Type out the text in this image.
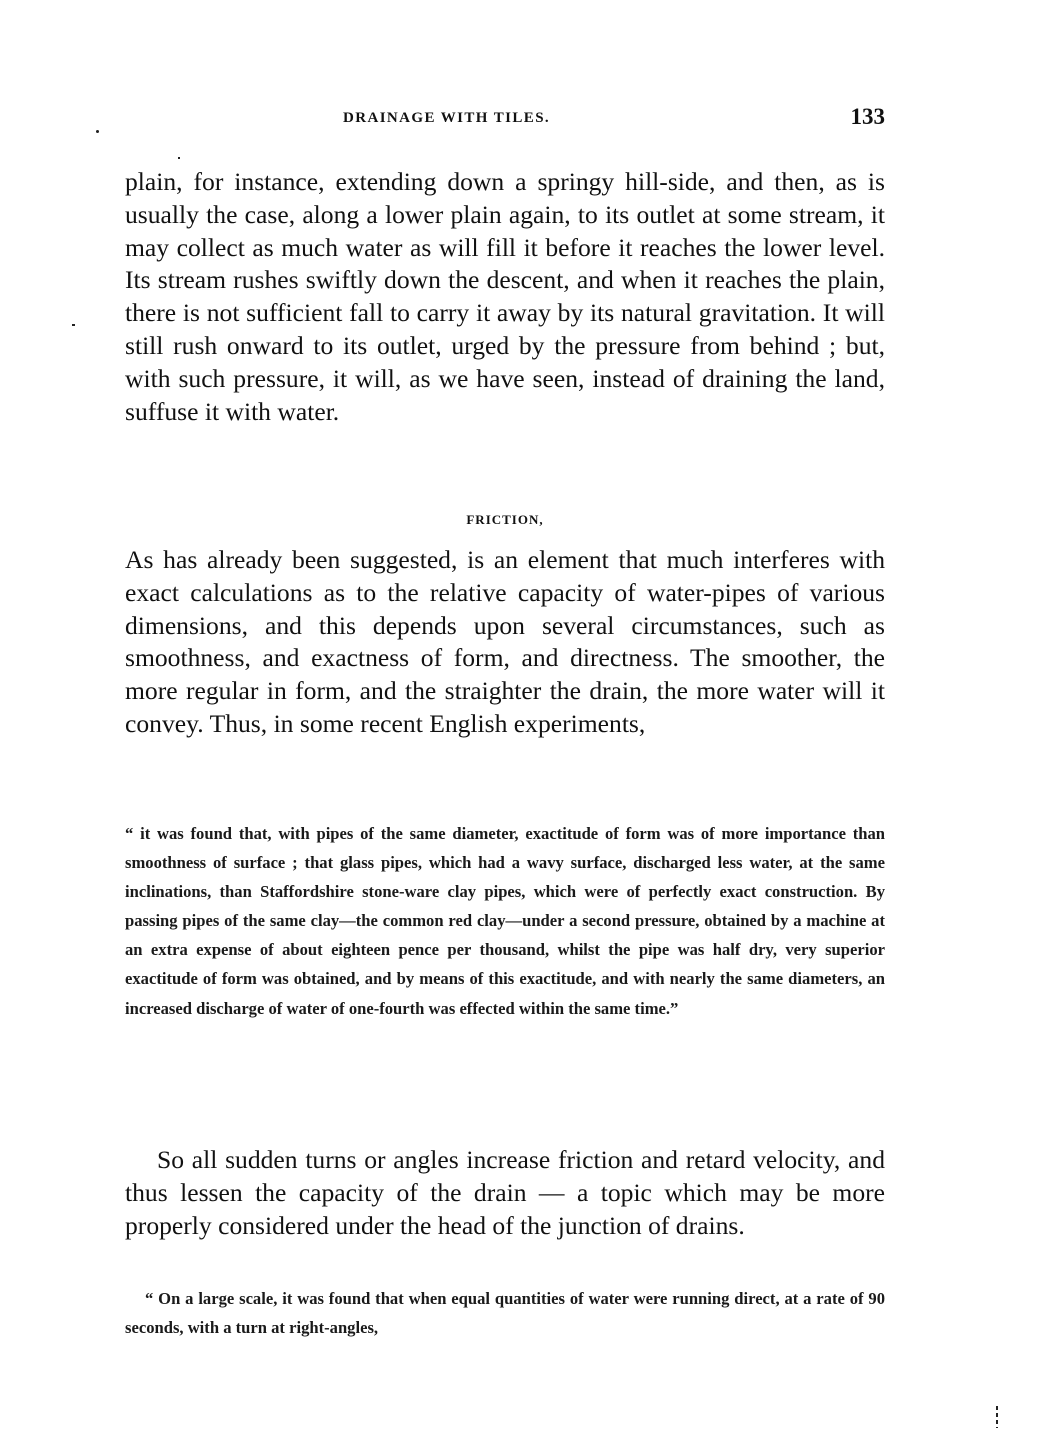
DRAINAGE WITH TILES.	133

plain, for instance, extending down a springy hill-side, and then, as is usually the case, along a lower plain again, to its outlet at some stream, it may collect as much water as will fill it before it reaches the lower level. Its stream rushes swiftly down the descent, and when it reaches the plain, there is not sufficient fall to carry it away by its natural gravitation. It will still rush onward to its outlet, urged by the pressure from behind ; but, with such pressure, it will, as we have seen, instead of draining the land, suffuse it with water.

FRICTION,

As has already been suggested, is an element that much interferes with exact calculations as to the relative capacity of water-pipes of various dimensions, and this depends upon several circumstances, such as smoothness, and exactness of form, and directness. The smoother, the more regular in form, and the straighter the drain, the more water will it convey. Thus, in some recent English experiments,

“ it was found that, with pipes of the same diameter, exactitude of form was of more importance than smoothness of surface ; that glass pipes, which had a wavy surface, discharged less water, at the same inclinations, than Staffordshire stone-ware clay pipes, which were of perfectly exact construction. By passing pipes of the same clay—the common red clay—under a second pressure, obtained by a machine at an extra expense of about eighteen pence per thousand, whilst the pipe was half dry, very superior exactitude of form was obtained, and by means of this exactitude, and with nearly the same diameters, an increased discharge of water of one-fourth was effected within the same time.”

So all sudden turns or angles increase friction and retard velocity, and thus lessen the capacity of the drain — a topic which may be more properly considered under the head of the junction of drains.

“ On a large scale, it was found that when equal quantities of water were running direct, at a rate of 90 seconds, with a turn at right-angles,
